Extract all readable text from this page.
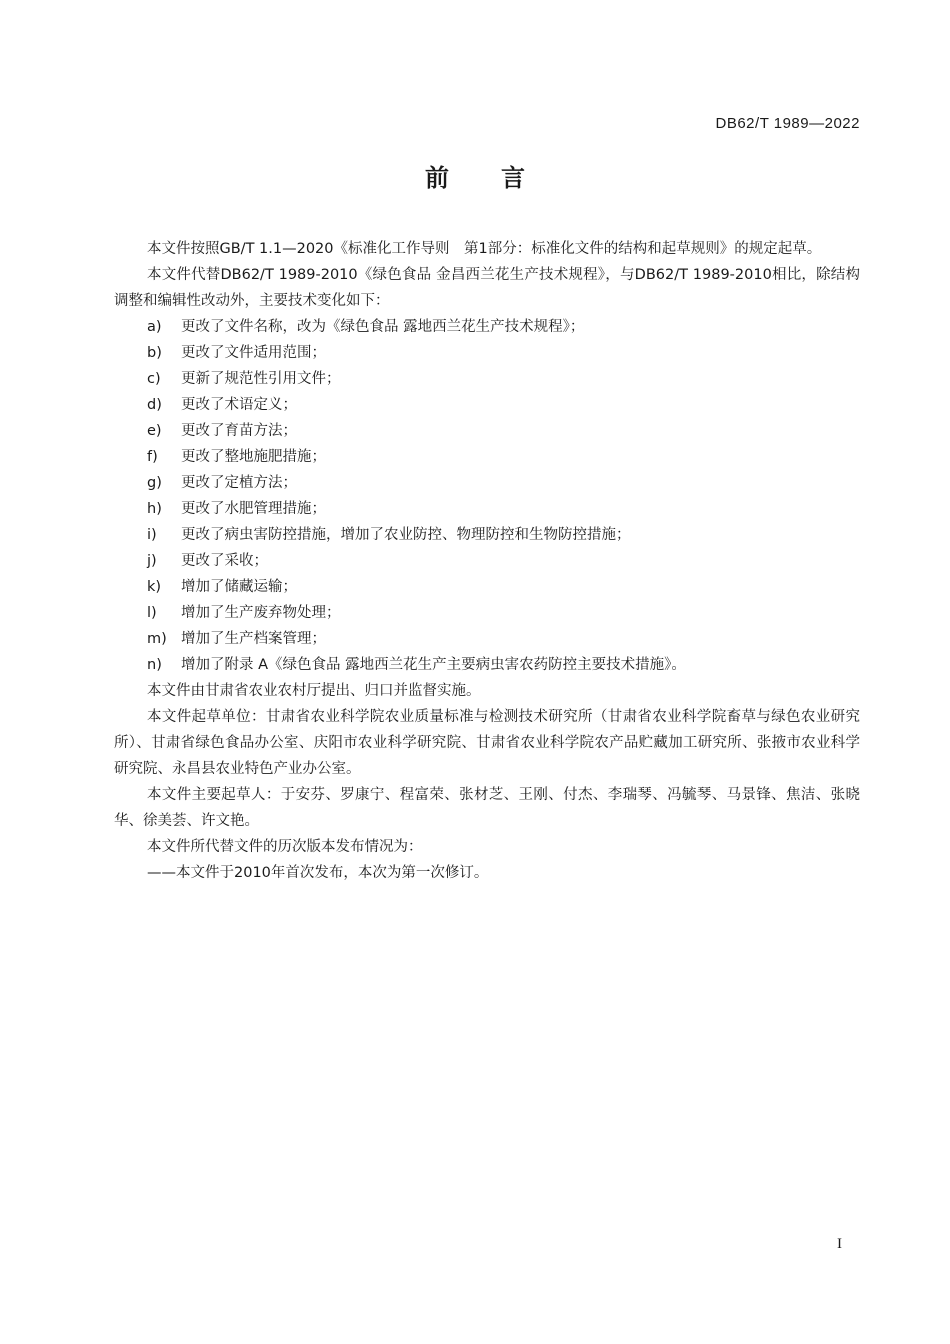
DB62/T 1989—2022
前言

本文件按照GB/T 1.1—2020《标准化工作导则　第1部分：标准化文件的结构和起草规则》的规定起草。

本文件代替DB62/T 1989-2010《绿色食品 金昌西兰花生产技术规程》，与DB62/T 1989-2010相比，除结构调整和编辑性改动外，主要技术变化如下：

a)	更改了文件名称，改为《绿色食品 露地西兰花生产技术规程》；

b)	更改了文件适用范围；

c)	更新了规范性引用文件；

d)	更改了术语定义；

e)	更改了育苗方法；

f)	更改了整地施肥措施；

g)	更改了定植方法；

h)	更改了水肥管理措施；

i)	更改了病虫害防控措施，增加了农业防控、物理防控和生物防控措施；

j)	更改了采收；

k)	增加了储藏运输；

l)	增加了生产废弃物处理；

m) 增加了生产档案管理；

n)	增加了附录 A《绿色食品 露地西兰花生产主要病虫害农药防控主要技术措施》。

本文件由甘肃省农业农村厅提出、归口并监督实施。

本文件起草单位：甘肃省农业科学院农业质量标准与检测技术研究所（甘肃省农业科学院畜草与绿色农业研究所）、甘肃省绿色食品办公室、庆阳市农业科学研究院、甘肃省农业科学院农产品贮藏加工研究所、张掖市农业科学研究院、永昌县农业特色产业办公室。

本文件主要起草人：于安芬、罗康宁、程富荣、张材芝、王刚、付杰、李瑞琴、冯毓琴、马景锋、焦洁、张晓华、徐美荟、许文艳。

本文件所代替文件的历次版本发布情况为：

——本文件于2010年首次发布，本次为第一次修订。

I
